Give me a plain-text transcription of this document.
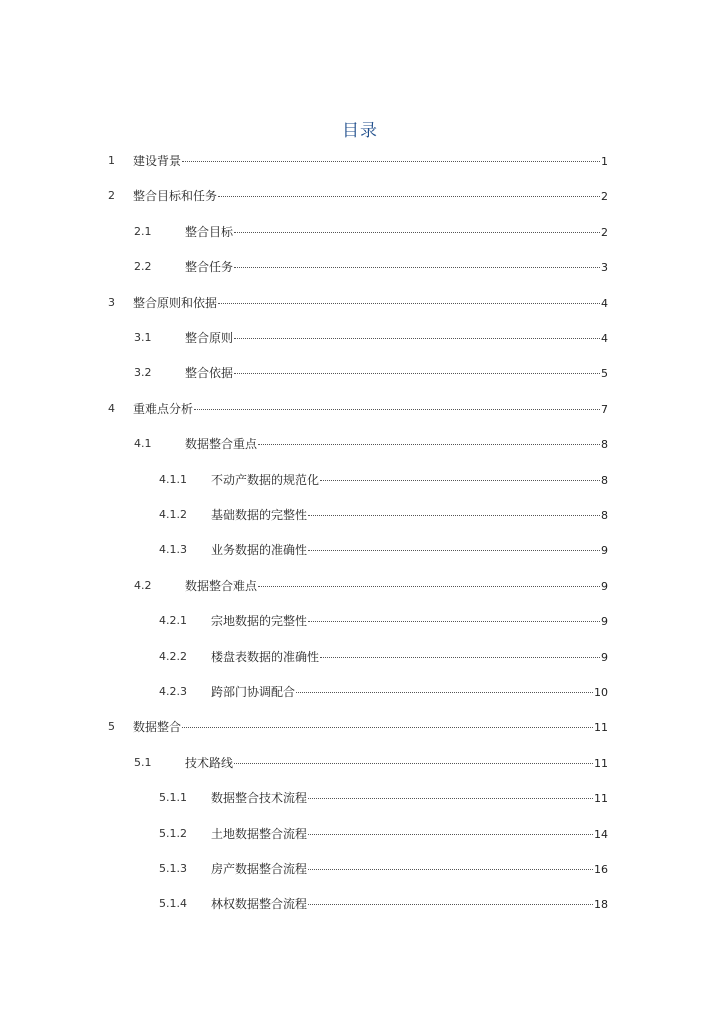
目录
1 建设背景	1
2 整合目标和任务	2
2.1	整合目标	2
2.2	整合任务	3
3 整合原则和依据	4
3.1	整合原则	4
3.2	整合依据	5
4 重难点分析	7
4.1	数据整合重点	8
4.1.1 不动产数据的规范化	8
4.1.2 基础数据的完整性	8
4.1.3 业务数据的准确性	9
4.2	数据整合难点	9
4.2.1 宗地数据的完整性	9
4.2.2 楼盘表数据的准确性	9
4.2.3 跨部门协调配合	10
5 数据整合	11
5.1	技术路线	11
5.1.1 数据整合技术流程	11
5.1.2 土地数据整合流程	14
5.1.3 房产数据整合流程	16
5.1.4 林权数据整合流程	18
